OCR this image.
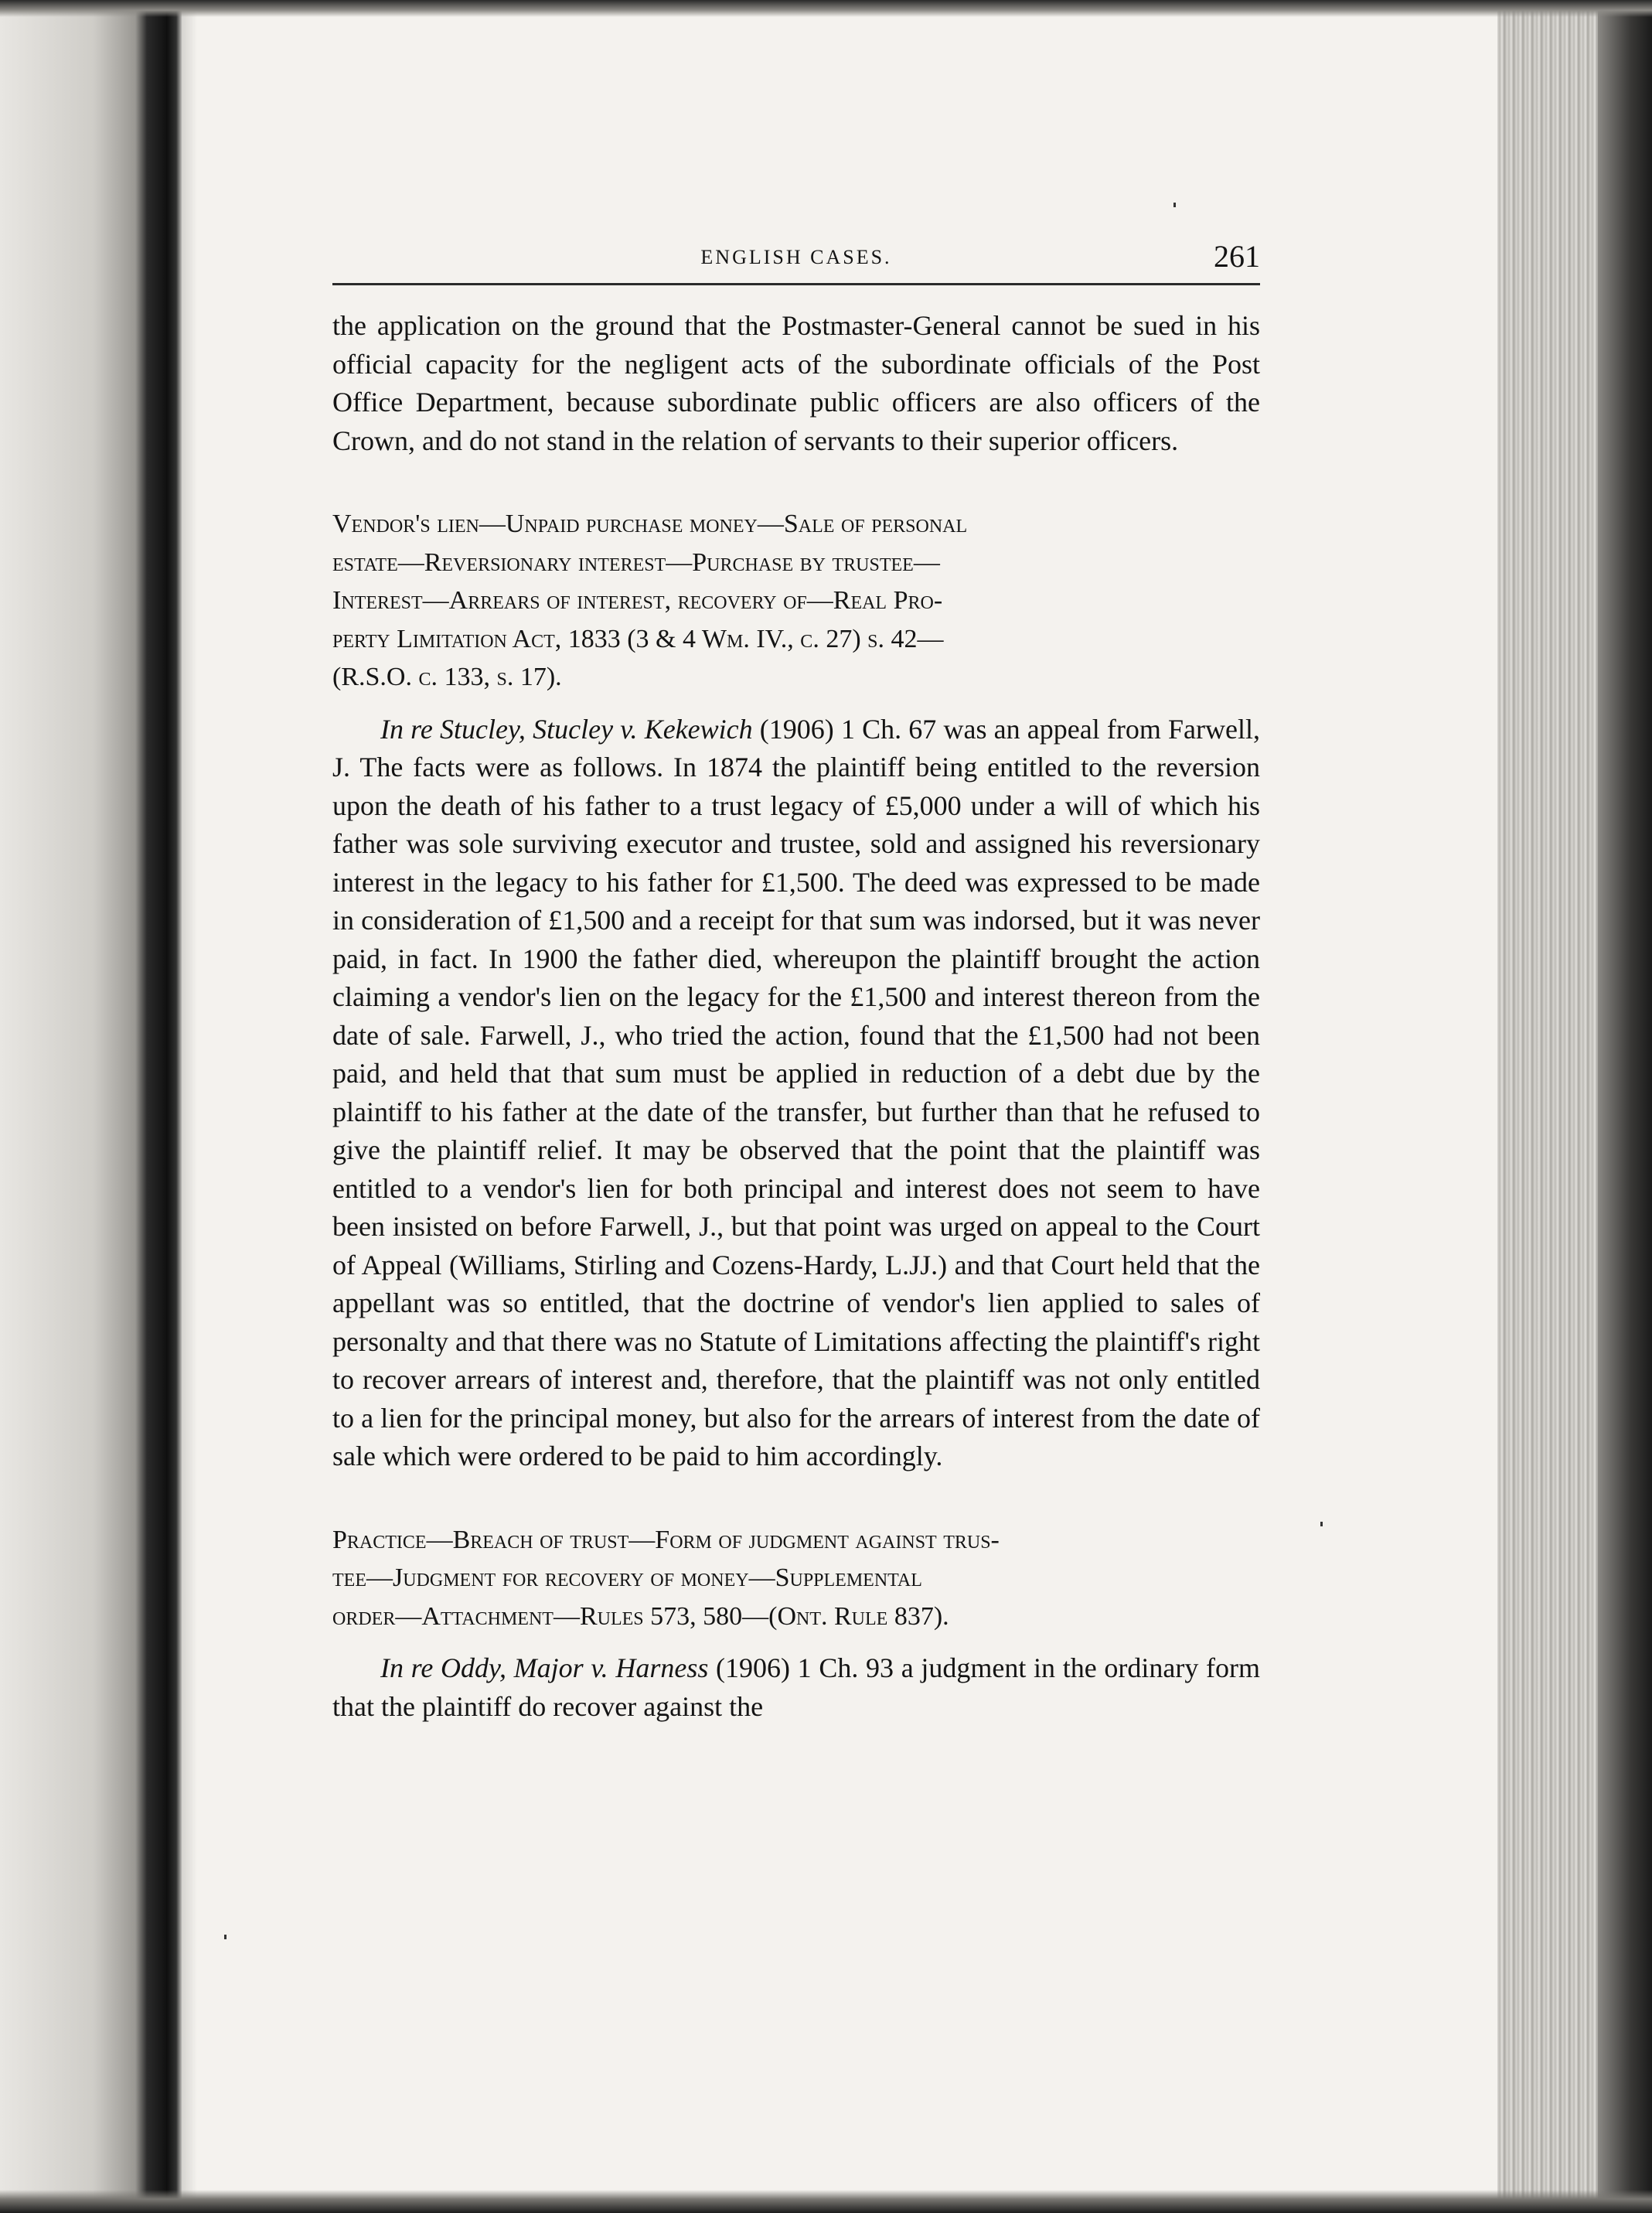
ENGLISH CASES.	261

the application on the ground that the Postmaster-General cannot be sued in his official capacity for the negligent acts of the subordinate officials of the Post Office Department, because subordinate public officers are also officers of the Crown, and do not stand in the relation of servants to their superior officers.

Vendor's lien—Unpaid purchase money—Sale of personal
estate—Reversionary interest—Purchase by trustee—
Interest—Arrears of interest, recovery of—Real Pro-
perty Limitation Act, 1833 (3 & 4 Wm. IV., c. 27) s. 42—
(R.S.O. c. 133, s. 17).

In re Stucley, Stucley v. Kekewich (1906) 1 Ch. 67 was an appeal from Farwell, J. The facts were as follows. In 1874 the plaintiff being entitled to the reversion upon the death of his father to a trust legacy of £5,000 under a will of which his father was sole surviving executor and trustee, sold and assigned his reversionary interest in the legacy to his father for £1,500. The deed was expressed to be made in consideration of £1,500 and a receipt for that sum was indorsed, but it was never paid, in fact. In 1900 the father died, whereupon the plaintiff brought the action claiming a vendor's lien on the legacy for the £1,500 and interest thereon from the date of sale. Farwell, J., who tried the action, found that the £1,500 had not been paid, and held that that sum must be applied in reduction of a debt due by the plaintiff to his father at the date of the transfer, but further than that he refused to give the plaintiff relief. It may be observed that the point that the plaintiff was entitled to a vendor's lien for both principal and interest does not seem to have been insisted on before Farwell, J., but that point was urged on appeal to the Court of Appeal (Williams, Stirling and Cozens-Hardy, L.JJ.) and that Court held that the appellant was so entitled, that the doctrine of vendor's lien applied to sales of personalty and that there was no Statute of Limitations affecting the plaintiff's right to recover arrears of interest and, therefore, that the plaintiff was not only entitled to a lien for the principal money, but also for the arrears of interest from the date of sale which were ordered to be paid to him accordingly.

Practice—Breach of trust—Form of judgment against trus-
tee—Judgment for recovery of money—Supplemental
order—Attachment—Rules 573, 580—(Ont. Rule 837).

In re Oddy, Major v. Harness (1906) 1 Ch. 93 a judgment in the ordinary form that the plaintiff do recover against the
